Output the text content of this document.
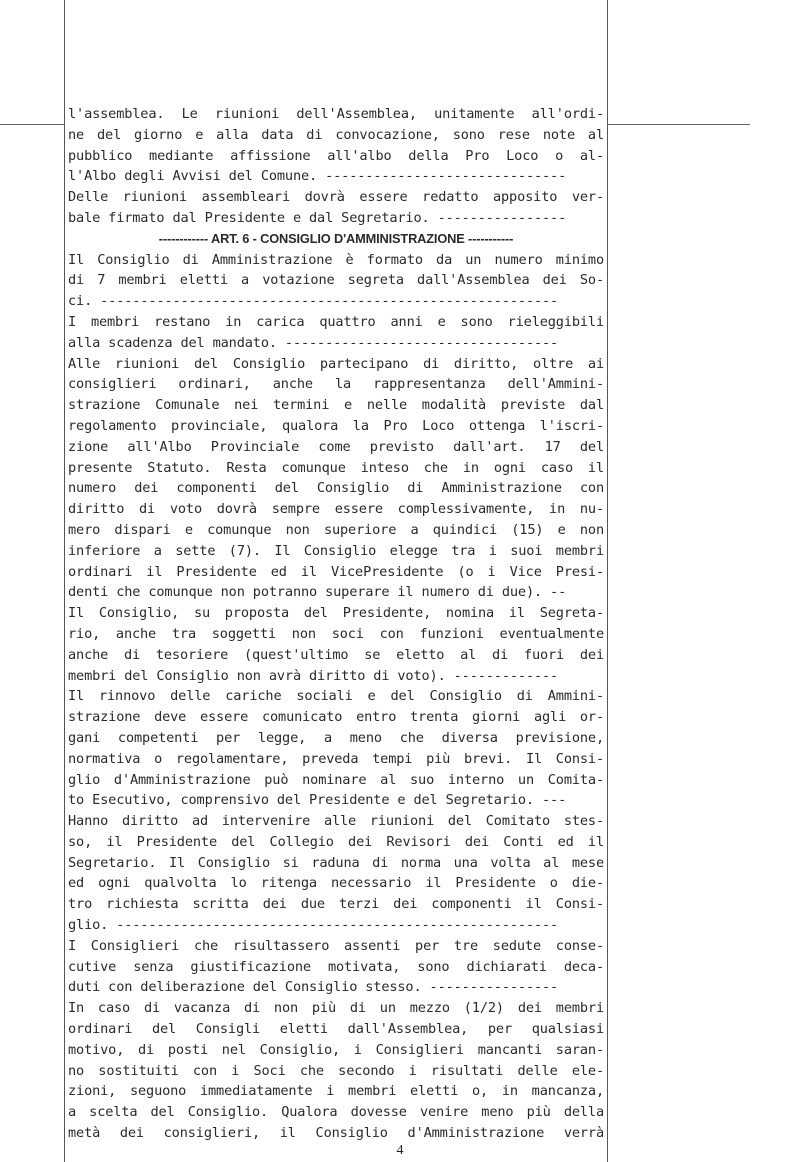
l'assemblea. Le riunioni dell'Assemblea, unitamente all'ordi-
ne del giorno e alla data di convocazione, sono rese note al
pubblico mediante affissione all'albo della Pro Loco o al-
l'Albo degli Avvisi del Comune. ------------------------------
Delle riunioni assembleari dovrà essere redatto apposito ver-
bale firmato dal Presidente e dal Segretario. ----------------
------------ ART. 6 - CONSIGLIO D'AMMINISTRAZIONE -----------
Il Consiglio di Amministrazione è formato da un numero minimo
di 7 membri eletti a votazione segreta dall'Assemblea dei So-
ci. ---------------------------------------------------------
I membri restano in carica quattro anni e sono rieleggibili
alla scadenza del mandato. ----------------------------------
Alle riunioni del Consiglio partecipano di diritto, oltre ai
consiglieri ordinari, anche la rappresentanza dell'Ammini-
strazione Comunale nei termini e nelle modalità previste dal
regolamento provinciale, qualora la Pro Loco ottenga l'iscri-
zione all'Albo Provinciale come previsto dall'art. 17 del
presente Statuto. Resta comunque inteso che in ogni caso il
numero dei componenti del Consiglio di Amministrazione con
diritto di voto dovrà sempre essere complessivamente, in nu-
mero dispari e comunque non superiore a quindici (15) e non
inferiore a sette (7). Il Consiglio elegge tra i suoi membri
ordinari il Presidente ed il VicePresidente (o i Vice Presi-
denti che comunque non potranno superare il numero di due). --
Il Consiglio, su proposta del Presidente, nomina il Segreta-
rio, anche tra soggetti non soci con funzioni eventualmente
anche di tesoriere (quest'ultimo se eletto al di fuori dei
membri del Consiglio non avrà diritto di voto). -------------
Il rinnovo delle cariche sociali e del Consiglio di Ammini-
strazione deve essere comunicato entro trenta giorni agli or-
gani competenti per legge, a meno che diversa previsione,
normativa o regolamentare, preveda tempi più brevi. Il Consi-
glio d'Amministrazione può nominare al suo interno un Comita-
to Esecutivo, comprensivo del Presidente e del Segretario. ---
Hanno diritto ad intervenire alle riunioni del Comitato stes-
so, il Presidente del Collegio dei Revisori dei Conti ed il
Segretario. Il Consiglio si raduna di norma una volta al mese
ed ogni qualvolta lo ritenga necessario il Presidente o die-
tro richiesta scritta dei due terzi dei componenti il Consi-
glio. -------------------------------------------------------
I Consiglieri che risultassero assenti per tre sedute conse-
cutive senza giustificazione motivata, sono dichiarati deca-
duti con deliberazione del Consiglio stesso. ----------------
In caso di vacanza di non più di un mezzo (1/2) dei membri
ordinari del Consigli eletti dall'Assemblea, per qualsiasi
motivo, di posti nel Consiglio, i Consiglieri mancanti saran-
no sostituiti con i Soci che secondo i risultati delle ele-
zioni, seguono immediatamente i membri eletti o, in mancanza,
a scelta del Consiglio. Qualora dovesse venire meno più della
metà dei consiglieri, il Consiglio d'Amministrazione verrà
4
